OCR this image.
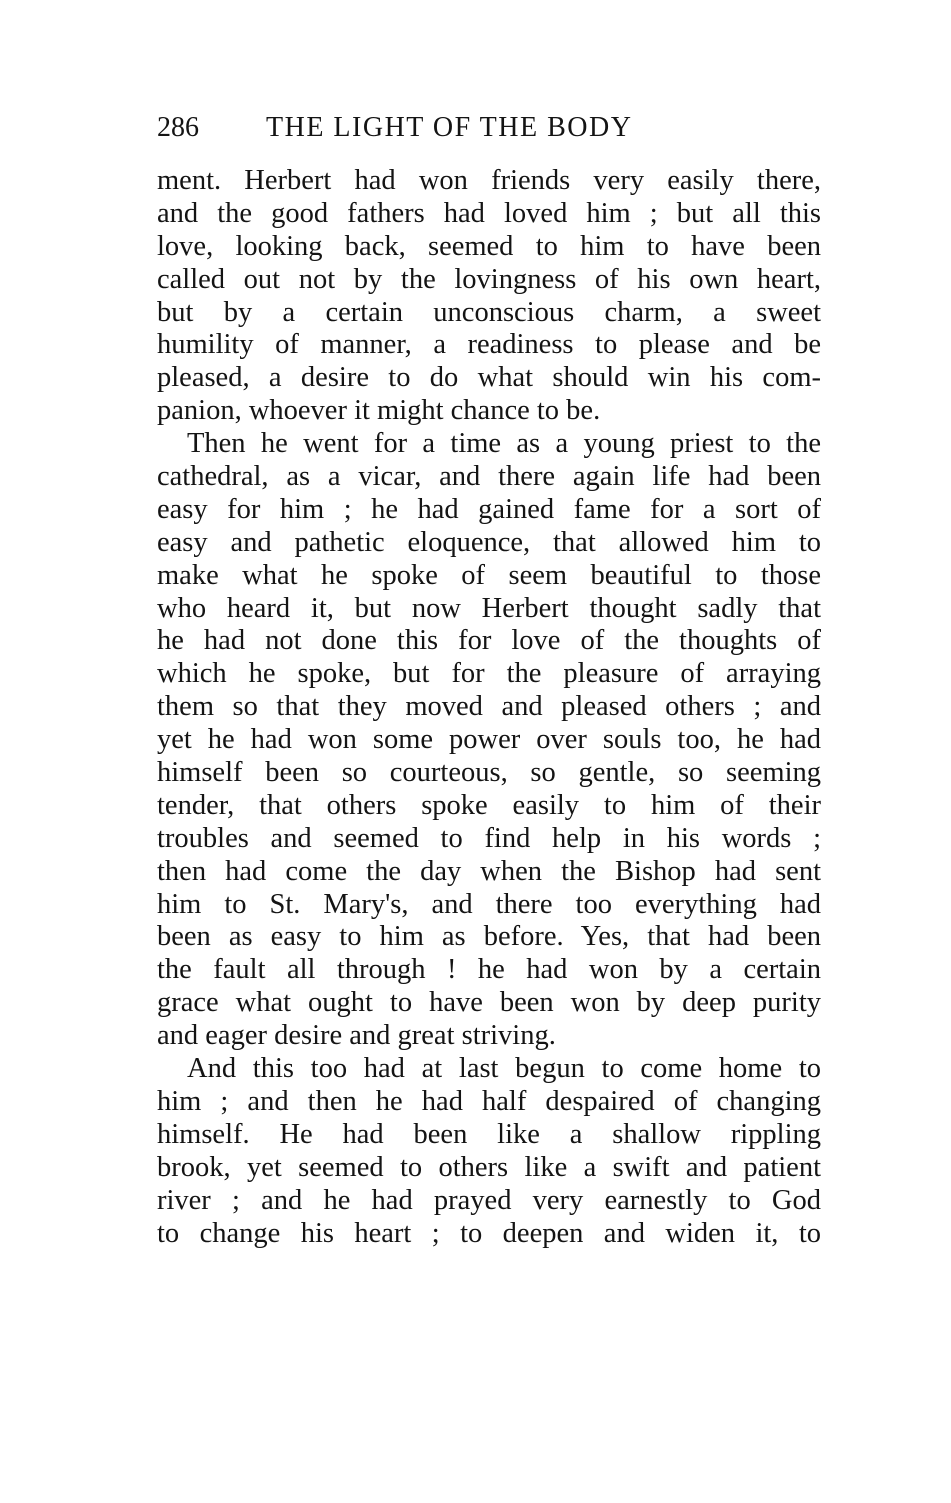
286 THE LIGHT OF THE BODY
ment. Herbert had won friends very easily there,
and the good fathers had loved him ; but all this
love, looking back, seemed to him to have been
called out not by the lovingness of his own heart,
but by a certain unconscious charm, a sweet
humility of manner, a readiness to please and be
pleased, a desire to do what should win his com-
panion, whoever it might chance to be.
Then he went for a time as a young priest to the
cathedral, as a vicar, and there again life had been
easy for him ; he had gained fame for a sort of
easy and pathetic eloquence, that allowed him to
make what he spoke of seem beautiful to those
who heard it, but now Herbert thought sadly that
he had not done this for love of the thoughts of
which he spoke, but for the pleasure of arraying
them so that they moved and pleased others ; and
yet he had won some power over souls too, he had
himself been so courteous, so gentle, so seeming
tender, that others spoke easily to him of their
troubles and seemed to find help in his words ;
then had come the day when the Bishop had sent
him to St. Mary's, and there too everything had
been as easy to him as before. Yes, that had been
the fault all through ! he had won by a certain
grace what ought to have been won by deep purity
and eager desire and great striving.
And this too had at last begun to come home to
him ; and then he had half despaired of changing
himself. He had been like a shallow rippling
brook, yet seemed to others like a swift and patient
river ; and he had prayed very earnestly to God
to change his heart ; to deepen and widen it, to
